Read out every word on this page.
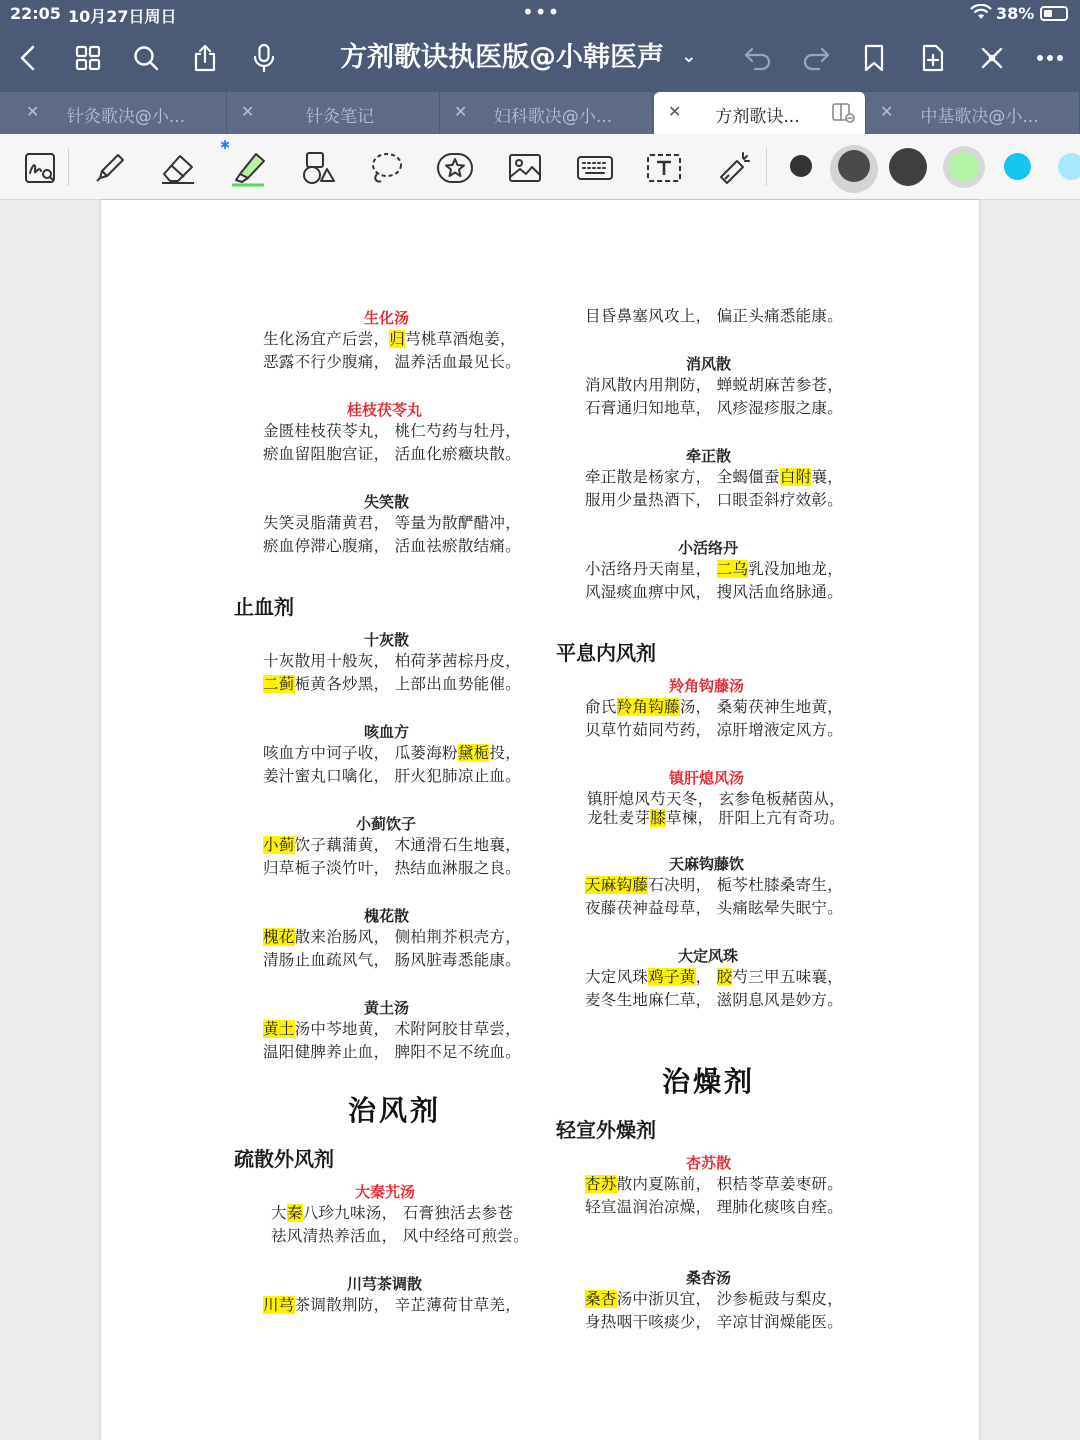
22:05 10月27日周日	•••	38%
方剂歌诀执医版@小韩医声 ⌄
✕	针灸歌决@小...	✕	针灸笔记	✕	妇科歌决@小...	✕	方剂歌诀...	✕	中基歌决@小...
✱
生化汤
生化汤宜产后尝，归芎桃草酒炮姜，
恶露不行少腹痛， 温养活血最见长。
桂枝茯苓丸
金匮桂枝茯苓丸， 桃仁芍药与牡丹，
瘀血留阻胞宫证， 活血化瘀癥块散。
失笑散
失笑灵脂蒲黄君， 等量为散酽醋冲，
瘀血停滞心腹痛， 活血祛瘀散结痛。
止血剂
十灰散
十灰散用十般灰， 柏荷茅茜棕丹皮，
二蓟栀黄各炒黑， 上部出血势能催。
咳血方
咳血方中诃子收， 瓜蒌海粉黛栀投，
姜汁蜜丸口噙化， 肝火犯肺凉止血。
小蓟饮子
小蓟饮子藕蒲黄， 木通滑石生地襄，
归草栀子淡竹叶， 热结血淋服之良。
槐花散
槐花散来治肠风， 侧柏荆芥枳壳方，
清肠止血疏风气， 肠风脏毒悉能康。
黄土汤
黄土汤中芩地黄， 术附阿胶甘草尝，
温阳健脾养止血， 脾阳不足不统血。
治风剂
疏散外风剂
大秦艽汤
大秦八珍九味汤， 石膏独活去参苍
祛风清热养活血， 风中经络可煎尝。
川芎茶调散
川芎茶调散荆防， 辛芷薄荷甘草羌，
目昏鼻塞风攻上， 偏正头痛悉能康。
消风散
消风散内用荆防， 蝉蜕胡麻苦参苍，
石膏通归知地草， 风疹湿疹服之康。
牵正散
牵正散是杨家方， 全蝎僵蚕白附襄，
服用少量热酒下， 口眼歪斜疗效彰。
小活络丹
小活络丹天南星， 二乌乳没加地龙，
风湿痰血痹中风， 搜风活血络脉通。
平息内风剂
羚角钩藤汤
俞氏羚角钩藤汤， 桑菊茯神生地黄，
贝草竹茹同芍药， 凉肝增液定风方。
镇肝熄风汤
镇肝熄风芍天冬， 玄参龟板赭茵从，
龙牡麦芽膝草楝， 肝阳上亢有奇功。
天麻钩藤饮
天麻钩藤石决明， 栀芩杜膝桑寄生，
夜藤茯神益母草， 头痛眩晕失眠宁。
大定风珠
大定风珠鸡子黄， 胶芍三甲五味襄，
麦冬生地麻仁草， 滋阴息风是妙方。
治燥剂
轻宣外燥剂
杏苏散
杏苏散内夏陈前， 枳桔苓草姜枣研。
轻宣温润治凉燥， 理肺化痰咳自痊。
桑杏汤
桑杏汤中浙贝宜， 沙参栀豉与梨皮，
身热咽干咳痰少， 辛凉甘润燥能医。
